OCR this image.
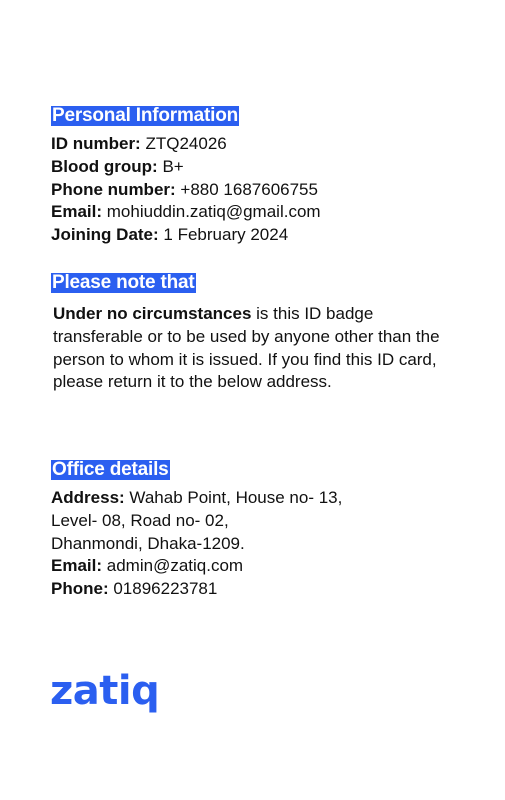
Personal Information
ID number: ZTQ24026
Blood group: B+
Phone number: +880 1687606755
Email: mohiuddin.zatiq@gmail.com
Joining Date: 1 February 2024
Please note that
Under no circumstances is this ID badge transferable or to be used by anyone other than the person to whom it is issued. If you find this ID card, please return it to the below address.
Office details
Address: Wahab Point, House no- 13,
Level- 08, Road no- 02,
Dhanmondi, Dhaka-1209.
Email: admin@zatiq.com
Phone: 01896223781
zatiq
